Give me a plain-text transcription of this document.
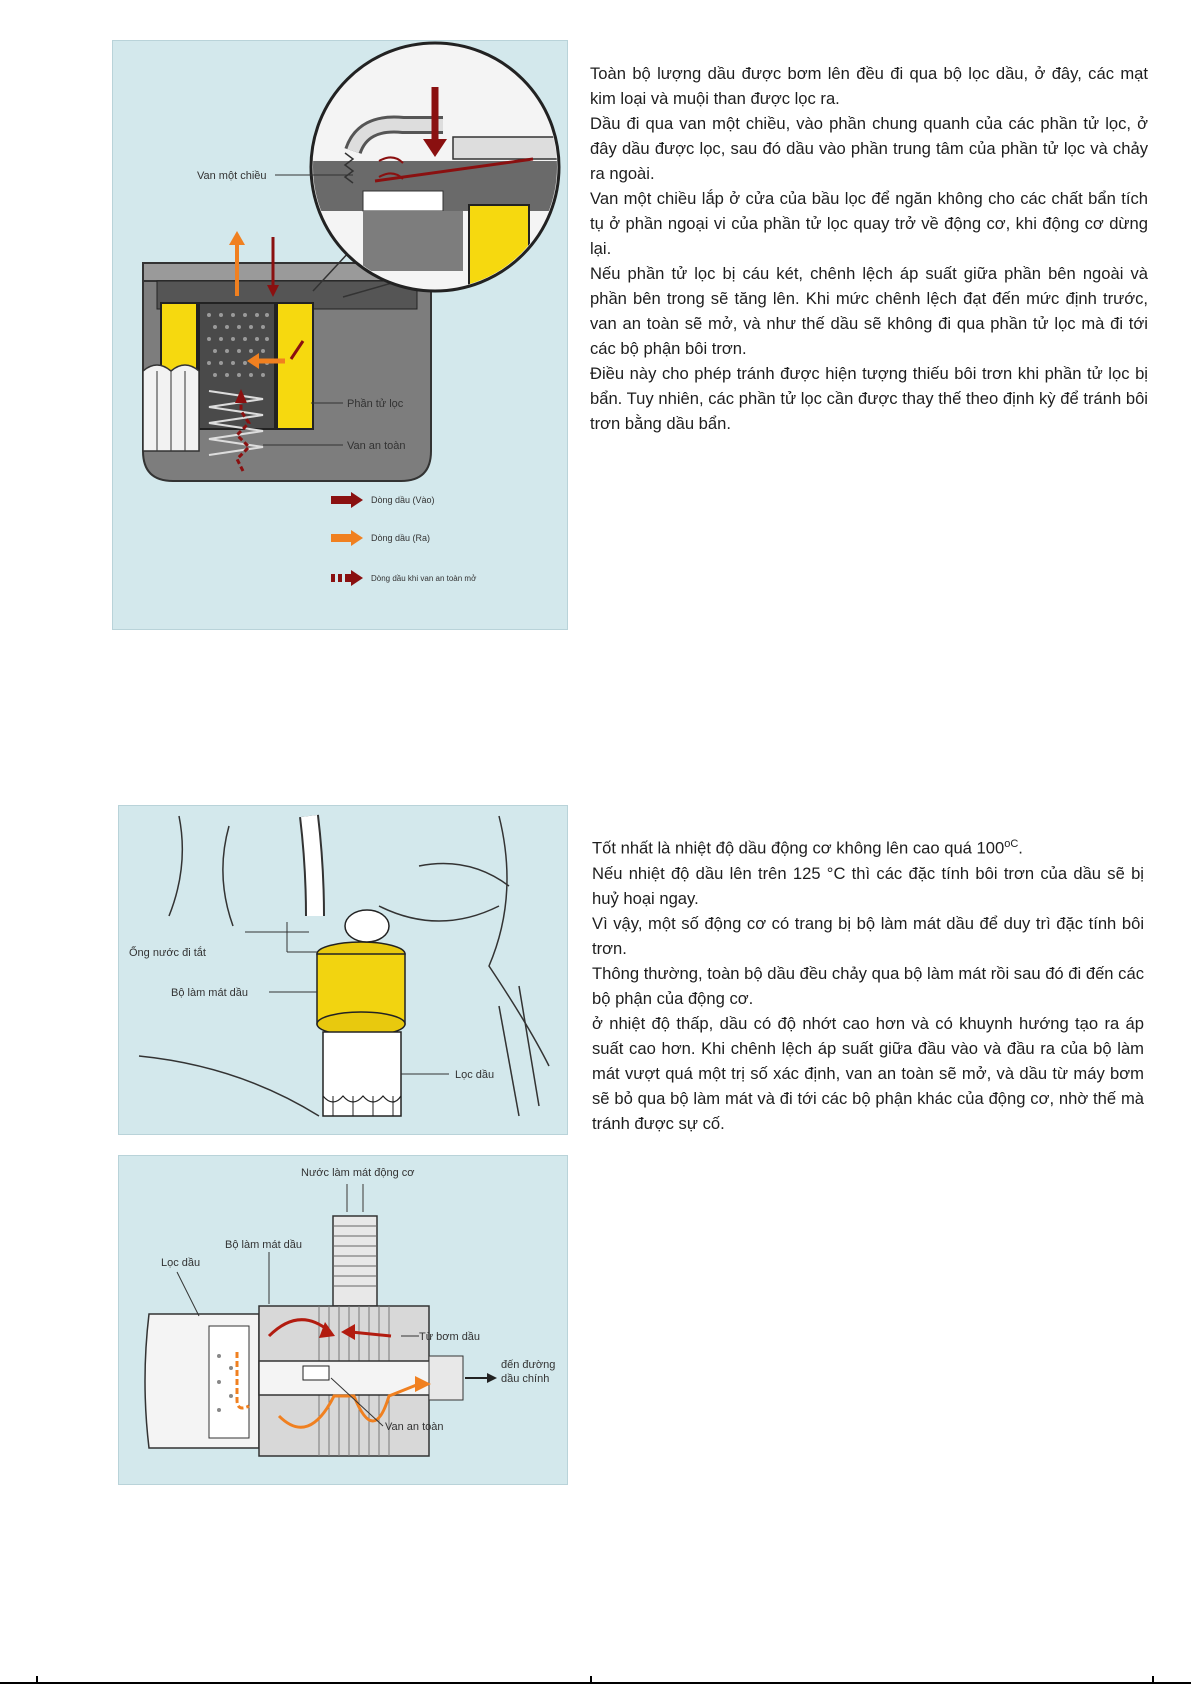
Van một chiều
Phần tử lọc
Van an toàn
Dòng dầu (Vào)
Dòng dầu (Ra)
Dòng dầu khi van an toàn mở

Toàn bộ lượng dầu được bơm lên đều đi qua bộ lọc dầu, ở đây, các mạt kim loại và muội than được lọc ra.

Dầu đi qua van một chiều, vào phần chung quanh của các phần tử lọc, ở đây dầu được lọc, sau đó dầu vào phần trung tâm của phần tử lọc và chảy ra ngoài.

Van một chiều lắp ở cửa của bầu lọc để ngăn không cho các chất bẩn tích tụ ở phần ngoại vi của phần tử lọc quay trở về động cơ, khi động cơ dừng lại.

Nếu phần tử lọc bị cáu két, chênh lệch áp suất giữa phần bên ngoài và phần bên trong sẽ tăng lên. Khi mức chênh lệch đạt đến mức định trước, van an toàn sẽ mở, và như thế dầu sẽ không đi qua phần tử lọc mà đi tới các bộ phận bôi trơn.

Điều này cho phép tránh được hiện tượng thiếu bôi trơn khi phần tử lọc bị bẩn. Tuy nhiên, các phần tử lọc cần được thay thế theo định kỳ để tránh bôi trơn bằng dầu bẩn.

Ống nước đi tắt
Bộ làm mát dầu
Lọc dầu
Nước làm mát động cơ
Bộ làm mát dầu
Lọc dầu
Từ bơm dầu
đến đường
dầu chính
Van an toàn

Tốt nhất là nhiệt độ dầu động cơ không lên cao quá $100^{oC}$.

Nếu nhiệt độ dầu lên trên 125 °C thì các đặc tính bôi trơn của dầu sẽ bị huỷ hoại ngay.

Vì vậy, một số động cơ có trang bị bộ làm mát dầu để duy trì đặc tính bôi trơn.

Thông thường, toàn bộ dầu đều chảy qua bộ làm mát rồi sau đó đi đến các bộ phận của động cơ.

ở nhiệt độ thấp, dầu có độ nhớt cao hơn và có khuynh hướng tạo ra áp suất cao hơn. Khi chênh lệch áp suất giữa đầu vào và đầu ra của bộ làm mát vượt quá một trị số xác định, van an toàn sẽ mở, và dầu từ máy bơm sẽ bỏ qua bộ làm mát và đi tới các bộ phận khác của động cơ, nhờ thế mà tránh được sự cố.
